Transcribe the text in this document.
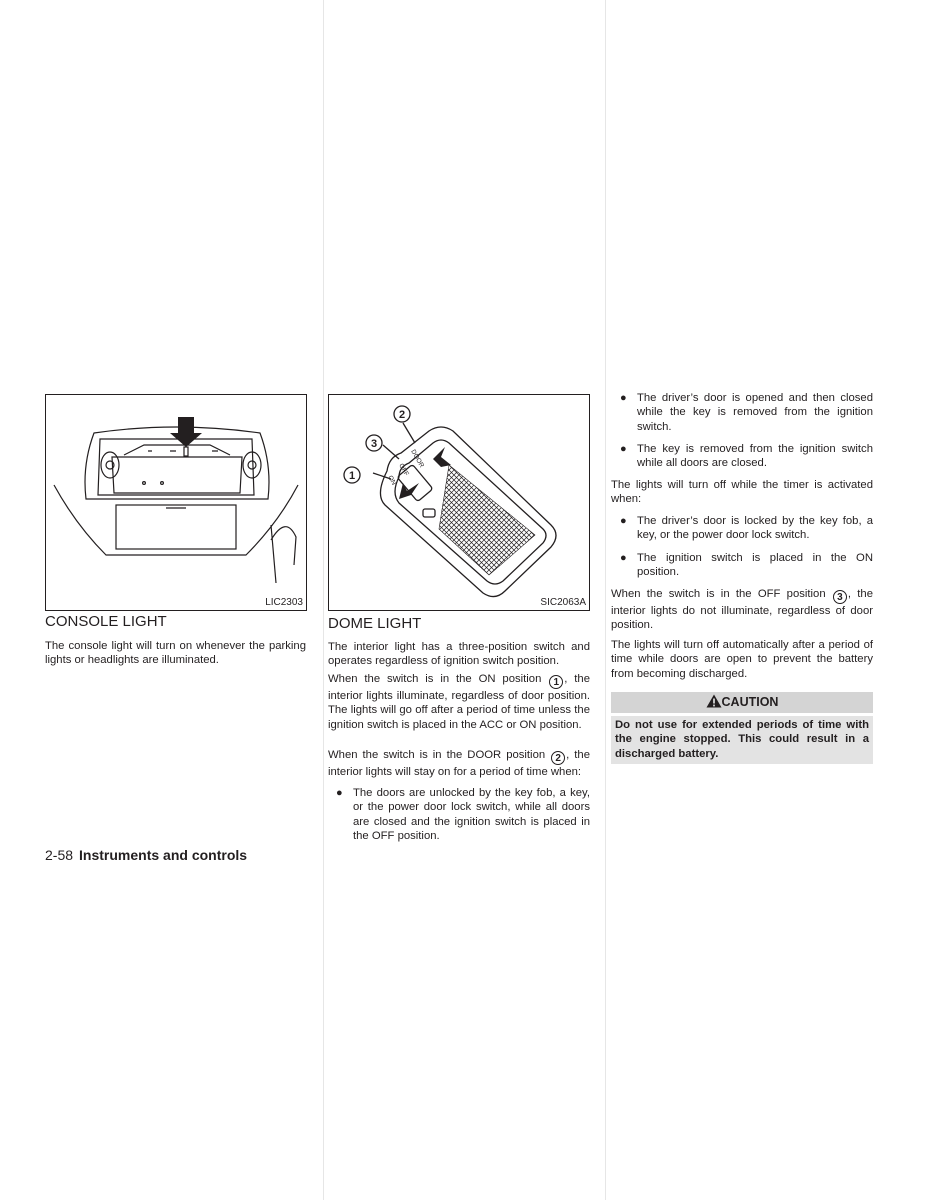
LIC2303
CONSOLE LIGHT

The console light will turn on whenever the parking lights or headlights are illuminated.

ON
OFF
DOOR
1
3
2
SIC2063A
DOME LIGHT

The interior light has a three-position switch and operates regardless of ignition switch position.

When the switch is in the ON position 1 , the interior lights illuminate, regardless of door position. The lights will go off after a period of time unless the ignition switch is placed in the ACC or ON position.

When the switch is in the DOOR position 2 , the interior lights will stay on for a period of time when:

● The doors are unlocked by the key fob, a key, or the power door lock switch, while all doors are closed and the ignition switch is placed in the OFF position.
● The driver’s door is opened and then closed while the key is removed from the ignition switch.
● The key is removed from the ignition switch while all doors are closed.

The lights will turn off while the timer is activated when:

● The driver’s door is locked by the key fob, a key, or the power door lock switch.
● The ignition switch is placed in the ON position.

When the switch is in the OFF position 3 , the interior lights do not illuminate, regardless of door position.

The lights will turn off automatically after a period of time while doors are open to prevent the battery from becoming discharged.

CAUTION
Do not use for extended periods of time with the engine stopped. This could result in a discharged battery.
2-58 Instruments and controls
